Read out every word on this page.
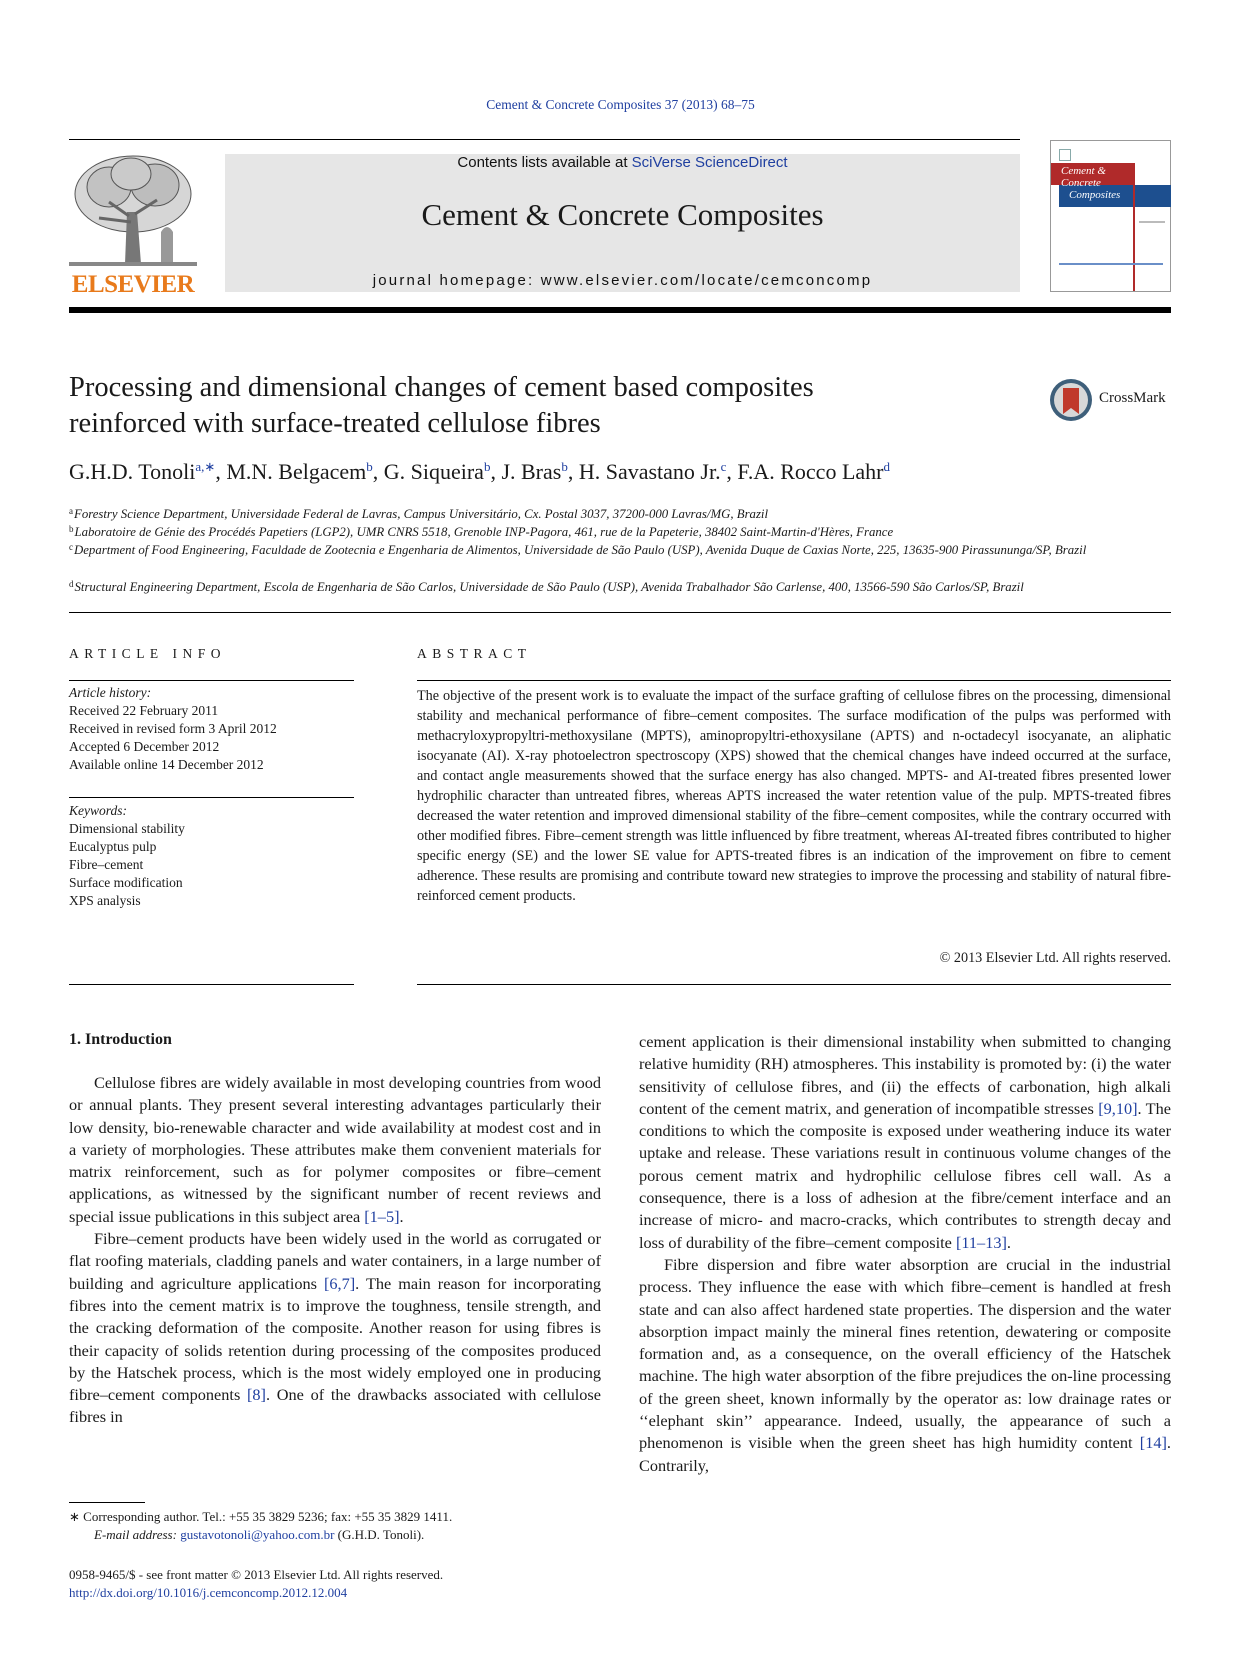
Cement & Concrete Composites 37 (2013) 68–75
ELSEVIER
Contents lists available at SciVerse ScienceDirect
Cement & Concrete Composites
journal homepage: www.elsevier.com/locate/cemconcomp
Cement &
Concrete
Composites
Processing and dimensional changes of cement based composites
reinforced with surface-treated cellulose fibres
CrossMark
G.H.D. Tonoli$^{a,∗}$, M.N. Belgacem$^b$, G. Siqueira$^b$, J. Bras$^b$, H. Savastano Jr.$^c$, F.A. Rocco Lahr$^d$
$^a$Forestry Science Department, Universidade Federal de Lavras, Campus Universitário, Cx. Postal 3037, 37200-000 Lavras/MG, Brazil
$^b$Laboratoire de Génie des Procédés Papetiers (LGP2), UMR CNRS 5518, Grenoble INP-Pagora, 461, rue de la Papeterie, 38402 Saint-Martin-d'Hères, France
$^c$Department of Food Engineering, Faculdade de Zootecnia e Engenharia de Alimentos, Universidade de São Paulo (USP), Avenida Duque de Caxias Norte, 225, 13635-900 Pirassununga/SP, Brazil
$^d$Structural Engineering Department, Escola de Engenharia de São Carlos, Universidade de São Paulo (USP), Avenida Trabalhador São Carlense, 400, 13566-590 São Carlos/SP, Brazil
ARTICLE INFO
Article history:
Received 22 February 2011
Received in revised form 3 April 2012
Accepted 6 December 2012
Available online 14 December 2012
Keywords:
Dimensional stability
Eucalyptus pulp
Fibre–cement
Surface modification
XPS analysis
ABSTRACT
The objective of the present work is to evaluate the impact of the surface grafting of cellulose fibres on the processing, dimensional stability and mechanical performance of fibre–cement composites. The surface modification of the pulps was performed with methacryloxypropyltri-methoxysilane (MPTS), aminopropyltri-ethoxysilane (APTS) and n-octadecyl isocyanate, an aliphatic isocyanate (AI). X-ray photoelectron spectroscopy (XPS) showed that the chemical changes have indeed occurred at the surface, and contact angle measurements showed that the surface energy has also changed. MPTS- and AI-treated fibres presented lower hydrophilic character than untreated fibres, whereas APTS increased the water retention value of the pulp. MPTS-treated fibres decreased the water retention and improved dimensional stability of the fibre–cement composites, while the contrary occurred with other modified fibres. Fibre–cement strength was little influenced by fibre treatment, whereas AI-treated fibres contributed to higher specific energy (SE) and the lower SE value for APTS-treated fibres is an indication of the improvement on fibre to cement adherence. These results are promising and contribute toward new strategies to improve the processing and stability of natural fibre-reinforced cement products.
© 2013 Elsevier Ltd. All rights reserved.
1. Introduction

Cellulose fibres are widely available in most developing countries from wood or annual plants. They present several interesting advantages particularly their low density, bio-renewable character and wide availability at modest cost and in a variety of morphologies. These attributes make them convenient materials for matrix reinforcement, such as for polymer composites or fibre–cement applications, as witnessed by the significant number of recent reviews and special issue publications in this subject area [1–5].

Fibre–cement products have been widely used in the world as corrugated or flat roofing materials, cladding panels and water containers, in a large number of building and agriculture applications [6,7]. The main reason for incorporating fibres into the cement matrix is to improve the toughness, tensile strength, and the cracking deformation of the composite. Another reason for using fibres is their capacity of solids retention during processing of the composites produced by the Hatschek process, which is the most widely employed one in producing fibre–cement components [8]. One of the drawbacks associated with cellulose fibres in

cement application is their dimensional instability when submitted to changing relative humidity (RH) atmospheres. This instability is promoted by: (i) the water sensitivity of cellulose fibres, and (ii) the effects of carbonation, high alkali content of the cement matrix, and generation of incompatible stresses [9,10]. The conditions to which the composite is exposed under weathering induce its water uptake and release. These variations result in continuous volume changes of the porous cement matrix and hydrophilic cellulose fibres cell wall. As a consequence, there is a loss of adhesion at the fibre/cement interface and an increase of micro- and macro-cracks, which contributes to strength decay and loss of durability of the fibre–cement composite [11–13].

Fibre dispersion and fibre water absorption are crucial in the industrial process. They influence the ease with which fibre–cement is handled at fresh state and can also affect hardened state properties. The dispersion and the water absorption impact mainly the mineral fines retention, dewatering or composite formation and, as a consequence, on the overall efficiency of the Hatschek machine. The high water absorption of the fibre prejudices the on-line processing of the green sheet, known informally by the operator as: low drainage rates or ‘‘elephant skin’’ appearance. Indeed, usually, the appearance of such a phenomenon is visible when the green sheet has high humidity content [14]. Contrarily,

∗ Corresponding author. Tel.: +55 35 3829 5236; fax: +55 35 3829 1411.
E-mail address: gustavotonoli@yahoo.com.br (G.H.D. Tonoli).
0958-9465/$ - see front matter © 2013 Elsevier Ltd. All rights reserved.
http://dx.doi.org/10.1016/j.cemconcomp.2012.12.004
